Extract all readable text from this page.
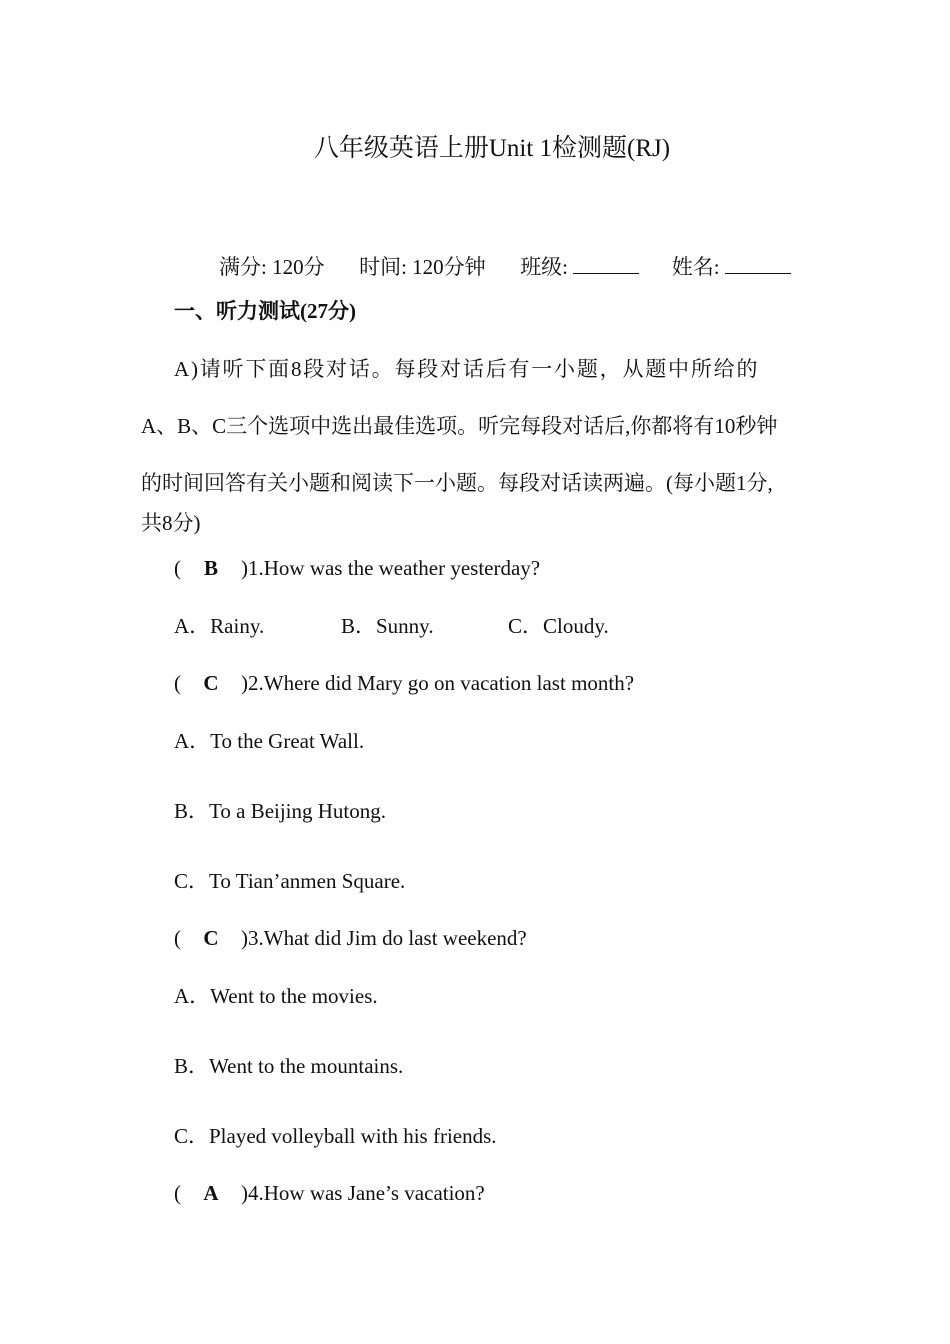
八年级英语上册Unit 1检测题(RJ)
满分: 120分 时间: 120分钟 班级:	姓名:
一、听力测试(27分)
A)请听下面8段对话。每段对话后有一小题，从题中所给的
A、B、C三个选项中选出最佳选项。听完每段对话后,你都将有10秒钟
的时间回答有关小题和阅读下一小题。每段对话读两遍。(每小题1分,
共8分)
( B )1.How was the weather yesterday?
A．Rainy.	B．Sunny.	C．Cloudy.
( C )2.Where did Mary go on vacation last month?
A．To the Great Wall.
B．To a Beijing Hutong.
C．To Tian’anmen Square.
( C )3.What did Jim do last weekend?
A．Went to the movies.
B．Went to the mountains.
C．Played volleyball with his friends.
( A )4.How was Jane’s vacation?
